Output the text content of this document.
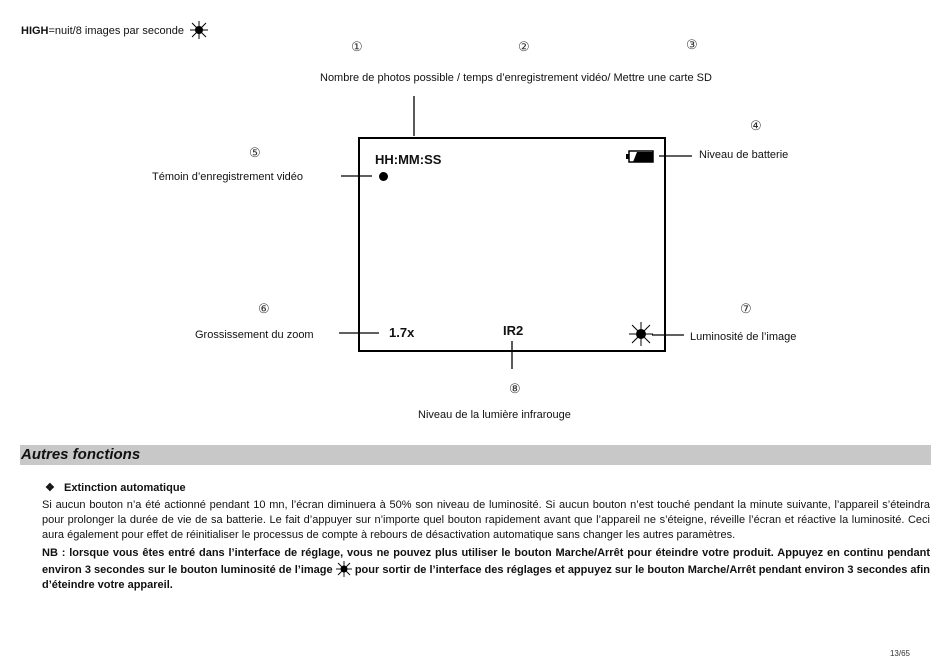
HIGH=nuit/8 images par seconde
①	②	③
Nombre de photos possible / temps d’enregistrement vidéo/ Mettre une carte SD
④
Niveau de batterie
⑤
Témoin d’enregistrement vidéo
⑥
Grossissement du zoom
⑦
Luminosité de l’image
⑧
Niveau de la lumière infrarouge
HH:MM:SS
1.7x	IR2
Autres fonctions
❖ Extinction automatique
Si aucun bouton n’a été actionné pendant 10 mn, l’écran diminuera à 50% son niveau de luminosité. Si aucun bouton n’est touché pendant la minute suivante, l’appareil s’éteindra pour prolonger la durée de vie de sa batterie. Le fait d’appuyer sur n’importe quel bouton rapidement avant que l’appareil ne s’éteigne, réveille l’écran et réactive la luminosité. Ceci aura également pour effet de réinitialiser le processus de compte à rebours de désactivation automatique sans changer les autres paramètres.
NB : lorsque vous êtes entré dans l’interface de réglage, vous ne pouvez plus utiliser le bouton Marche/Arrêt pour éteindre votre produit. Appuyez en continu pendant environ 3 secondes sur le bouton luminosité de l’image pour sortir de l’interface des réglages et appuyez sur le bouton Marche/Arrêt pendant environ 3 secondes afin d’éteindre votre appareil.
13/65
